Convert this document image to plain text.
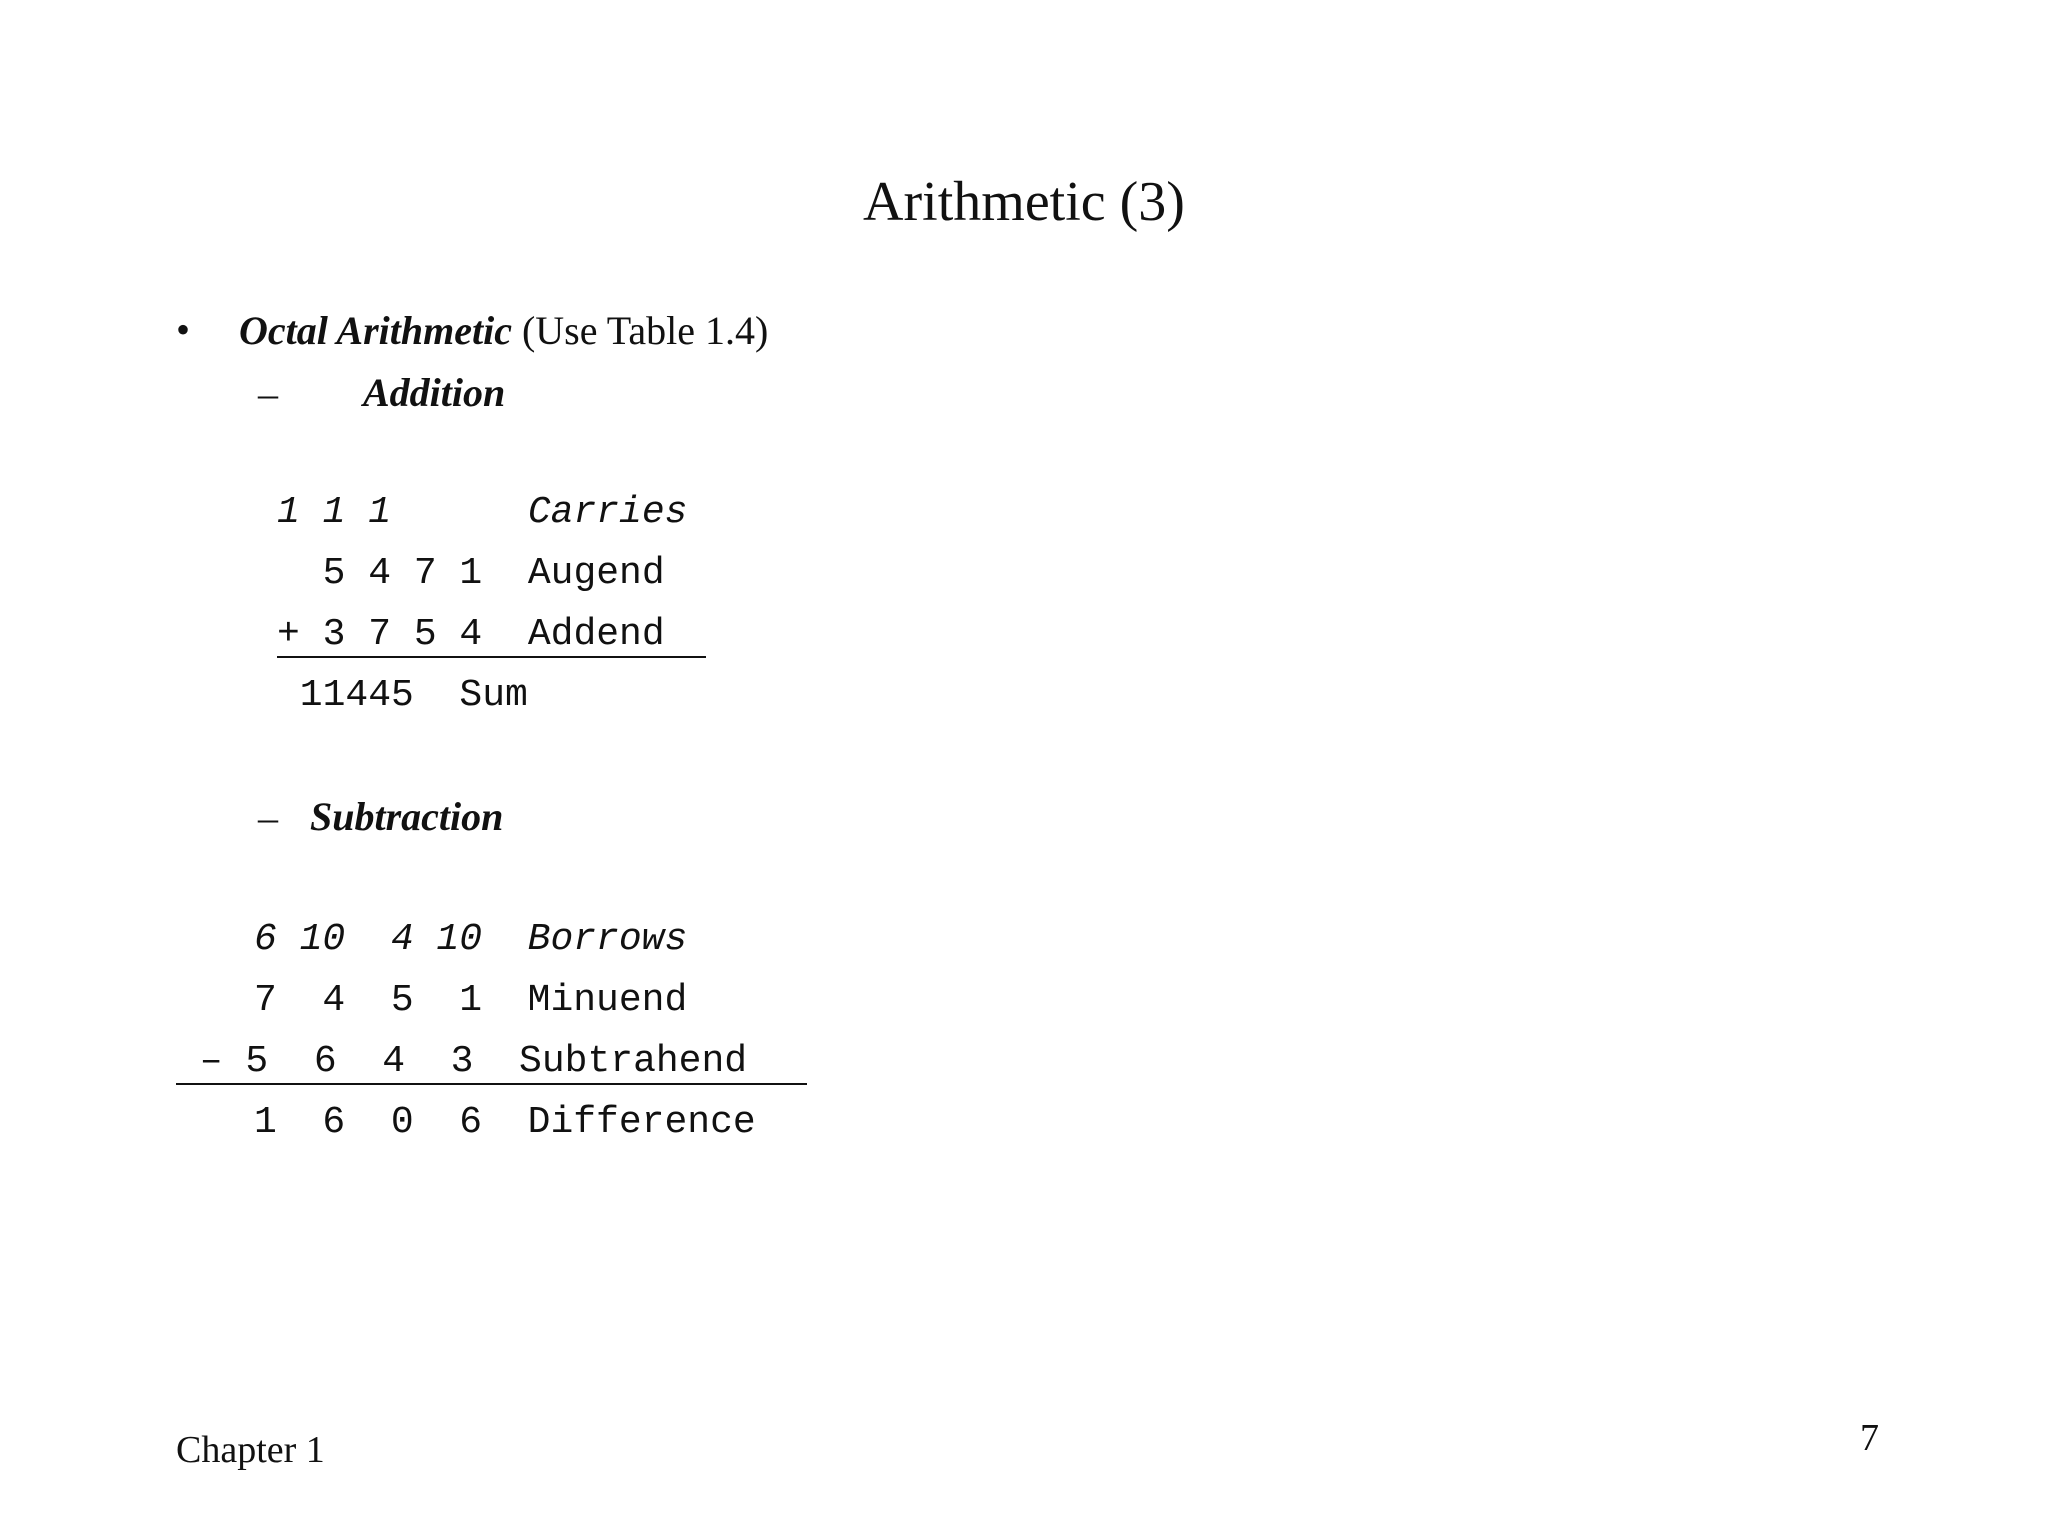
Arithmetic (3)
• Octal Arithmetic (Use Table 1.4)
– Addition
1 1 1      Carries
5 4 7 1  Augend
+ 3 7 5 4  Addend
11445  Sum
– Subtraction
6 10  4 10  Borrows
7  4  5  1  Minuend
– 5  6  4  3  Subtrahend
1  6  0  6  Difference
Chapter 1	7
